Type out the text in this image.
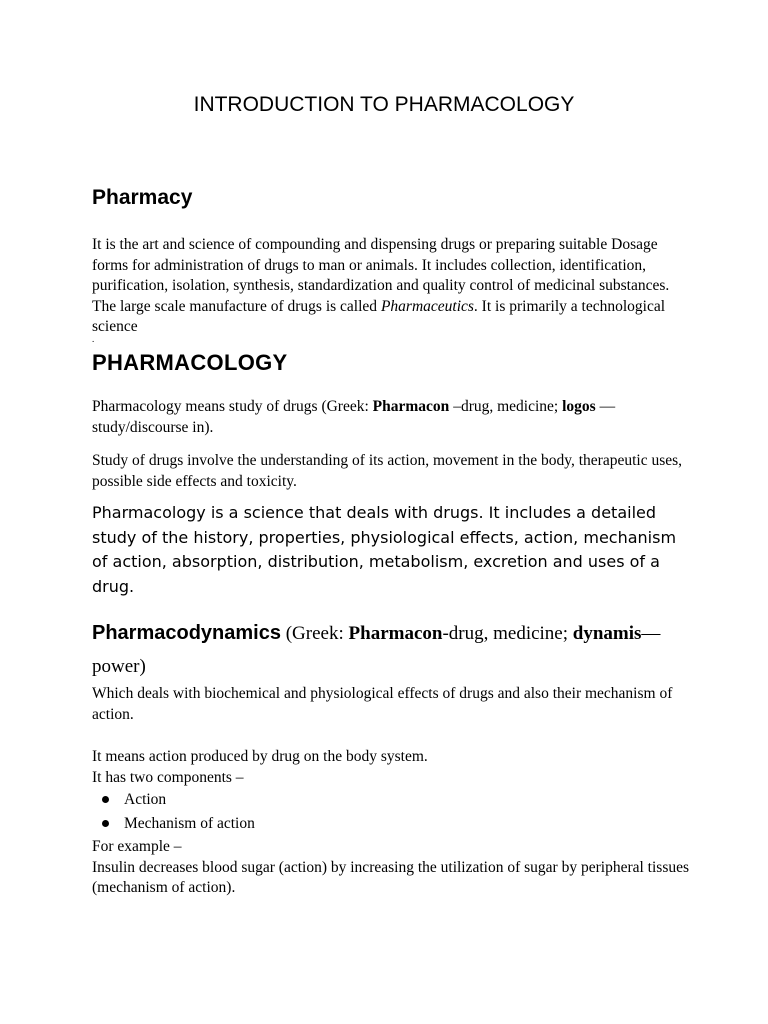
INTRODUCTION TO PHARMACOLOGY
Pharmacy
It is the art and science of compounding and dispensing drugs or preparing suitable Dosage forms for administration of drugs to man or animals. It includes collection, identification, purification, isolation, synthesis, standardization and quality control of medicinal substances. The large scale manufacture of drugs is called Pharmaceutics. It is primarily a technological science
.
PHARMACOLOGY
Pharmacology means study of drugs (Greek: Pharmacon –drug, medicine; logos —study/discourse in).
Study of drugs involve the understanding of its action, movement in the body, therapeutic uses, possible side effects and toxicity.
Pharmacology is a science that deals with drugs. It includes a detailed study of the history, properties, physiological effects, action, mechanism of action, absorption, distribution, metabolism, excretion and uses of a drug.
Pharmacodynamics (Greek: Pharmacon-drug, medicine; dynamis—power)
Which deals with biochemical and physiological effects of drugs and also their mechanism of action.
It means action produced by drug on the body system.
It has two components –
Action
Mechanism of action
For example –
Insulin decreases blood sugar (action) by increasing the utilization of sugar by peripheral tissues (mechanism of action).
